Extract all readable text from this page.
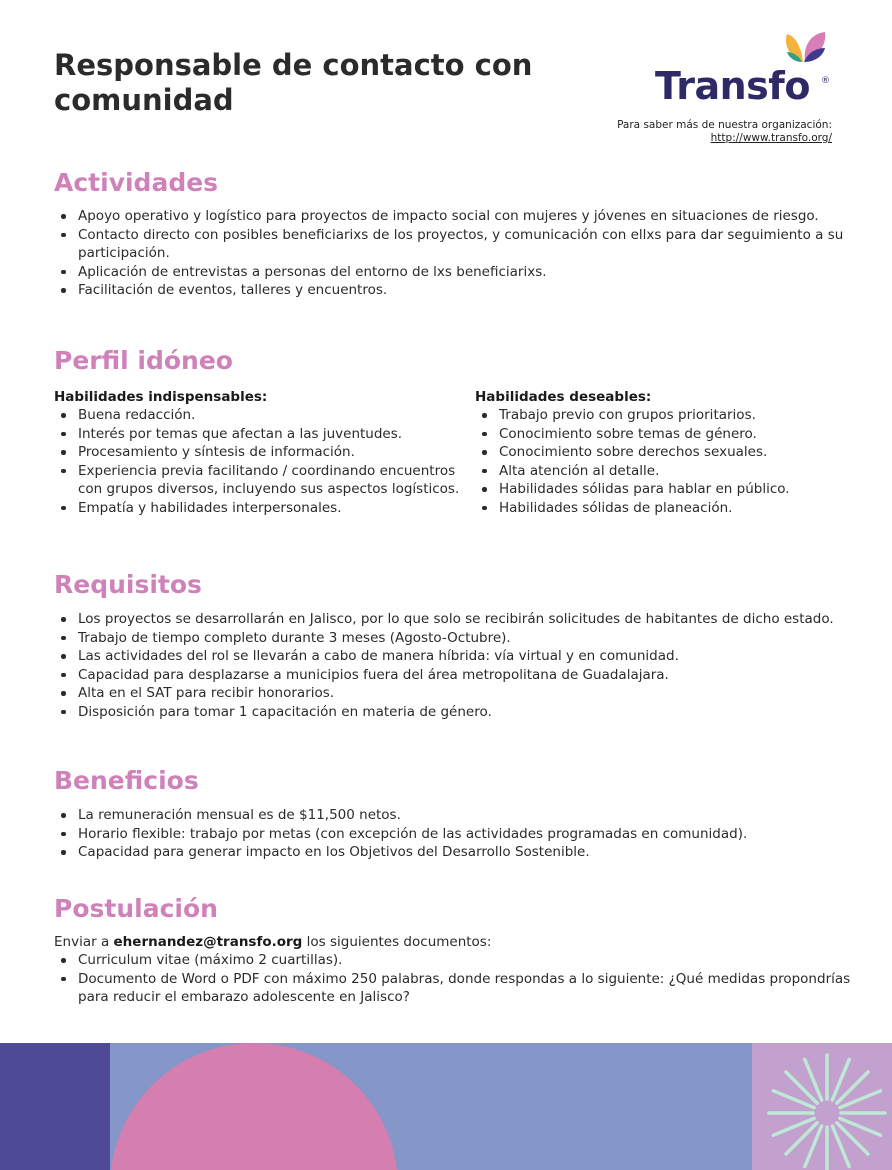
Responsable de contacto con comunidad	Transfo ®
Para saber más de nuestra organización:
http://www.transfo.org/
Actividades
Apoyo operativo y logístico para proyectos de impacto social con mujeres y jóvenes en situaciones de riesgo.
Contacto directo con posibles beneficiarixs de los proyectos, y comunicación con ellxs para dar seguimiento a su participación.
Aplicación de entrevistas a personas del entorno de lxs beneficiarixs.
Facilitación de eventos, talleres y encuentros.
Perfil idóneo
Habilidades indispensables:
Buena redacción.
Interés por temas que afectan a las juventudes.
Procesamiento y síntesis de información.
Experiencia previa facilitando / coordinando encuentros con grupos diversos, incluyendo sus aspectos logísticos.
Empatía y habilidades interpersonales.
Habilidades deseables:
Trabajo previo con grupos prioritarios.
Conocimiento sobre temas de género.
Conocimiento sobre derechos sexuales.
Alta atención al detalle.
Habilidades sólidas para hablar en público.
Habilidades sólidas de planeación.
Requisitos
Los proyectos se desarrollarán en Jalisco, por lo que solo se recibirán solicitudes de habitantes de dicho estado.
Trabajo de tiempo completo durante 3 meses (Agosto-Octubre).
Las actividades del rol se llevarán a cabo de manera híbrida: vía virtual y en comunidad.
Capacidad para desplazarse a municipios fuera del área metropolitana de Guadalajara.
Alta en el SAT para recibir honorarios.
Disposición para tomar 1 capacitación en materia de género.
Beneficios
La remuneración mensual es de $11,500 netos.
Horario flexible: trabajo por metas (con excepción de las actividades programadas en comunidad).
Capacidad para generar impacto en los Objetivos del Desarrollo Sostenible.
Postulación
Enviar a ehernandez@transfo.org los siguientes documentos:
Curriculum vitae (máximo 2 cuartillas).
Documento de Word o PDF con máximo 250 palabras, donde respondas a lo siguiente: ¿Qué medidas propondrías para reducir el embarazo adolescente en Jalisco?
